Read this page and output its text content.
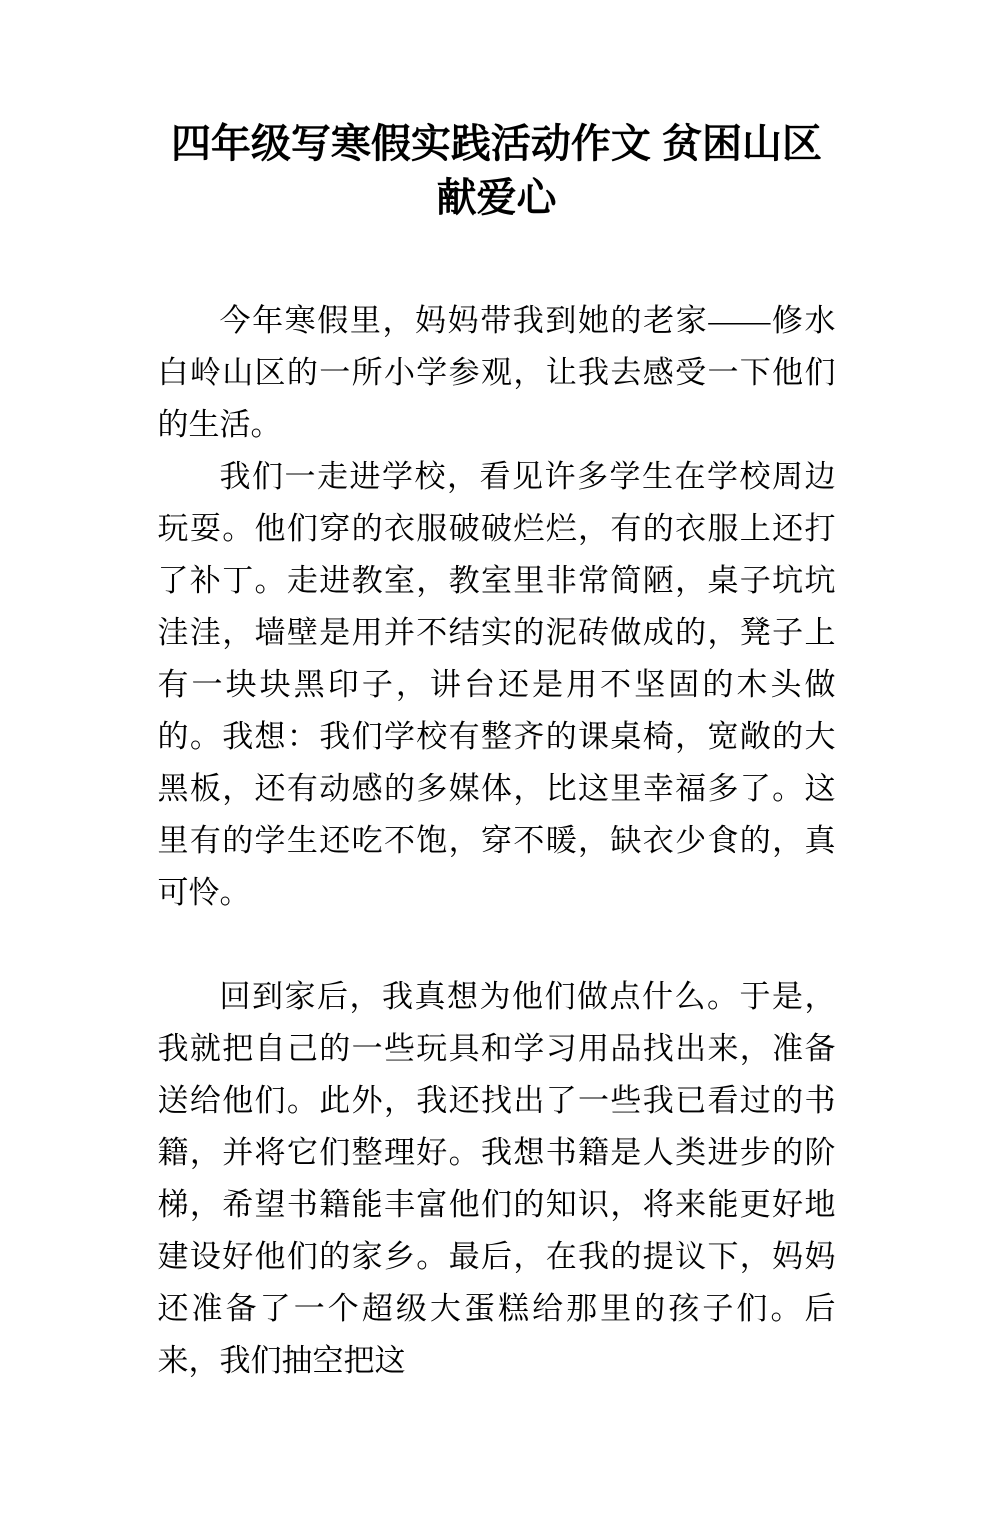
四年级写寒假实践活动作文 贫困山区献爱心

今年寒假里，妈妈带我到她的老家——修水白岭山区的一所小学参观，让我去感受一下他们的生活。

我们一走进学校，看见许多学生在学校周边玩耍。他们穿的衣服破破烂烂，有的衣服上还打了补丁。走进教室，教室里非常简陋，桌子坑坑洼洼，墙壁是用并不结实的泥砖做成的，凳子上有一块块黑印子，讲台还是用不坚固的木头做的。我想：我们学校有整齐的课桌椅，宽敞的大黑板，还有动感的多媒体，比这里幸福多了。这里有的学生还吃不饱，穿不暖，缺衣少食的，真可怜。

回到家后，我真想为他们做点什么。于是，我就把自己的一些玩具和学习用品找出来，准备送给他们。此外，我还找出了一些我已看过的书籍，并将它们整理好。我想书籍是人类进步的阶梯，希望书籍能丰富他们的知识，将来能更好地建设好他们的家乡。最后，在我的提议下，妈妈还准备了一个超级大蛋糕给那里的孩子们。后来，我们抽空把这
